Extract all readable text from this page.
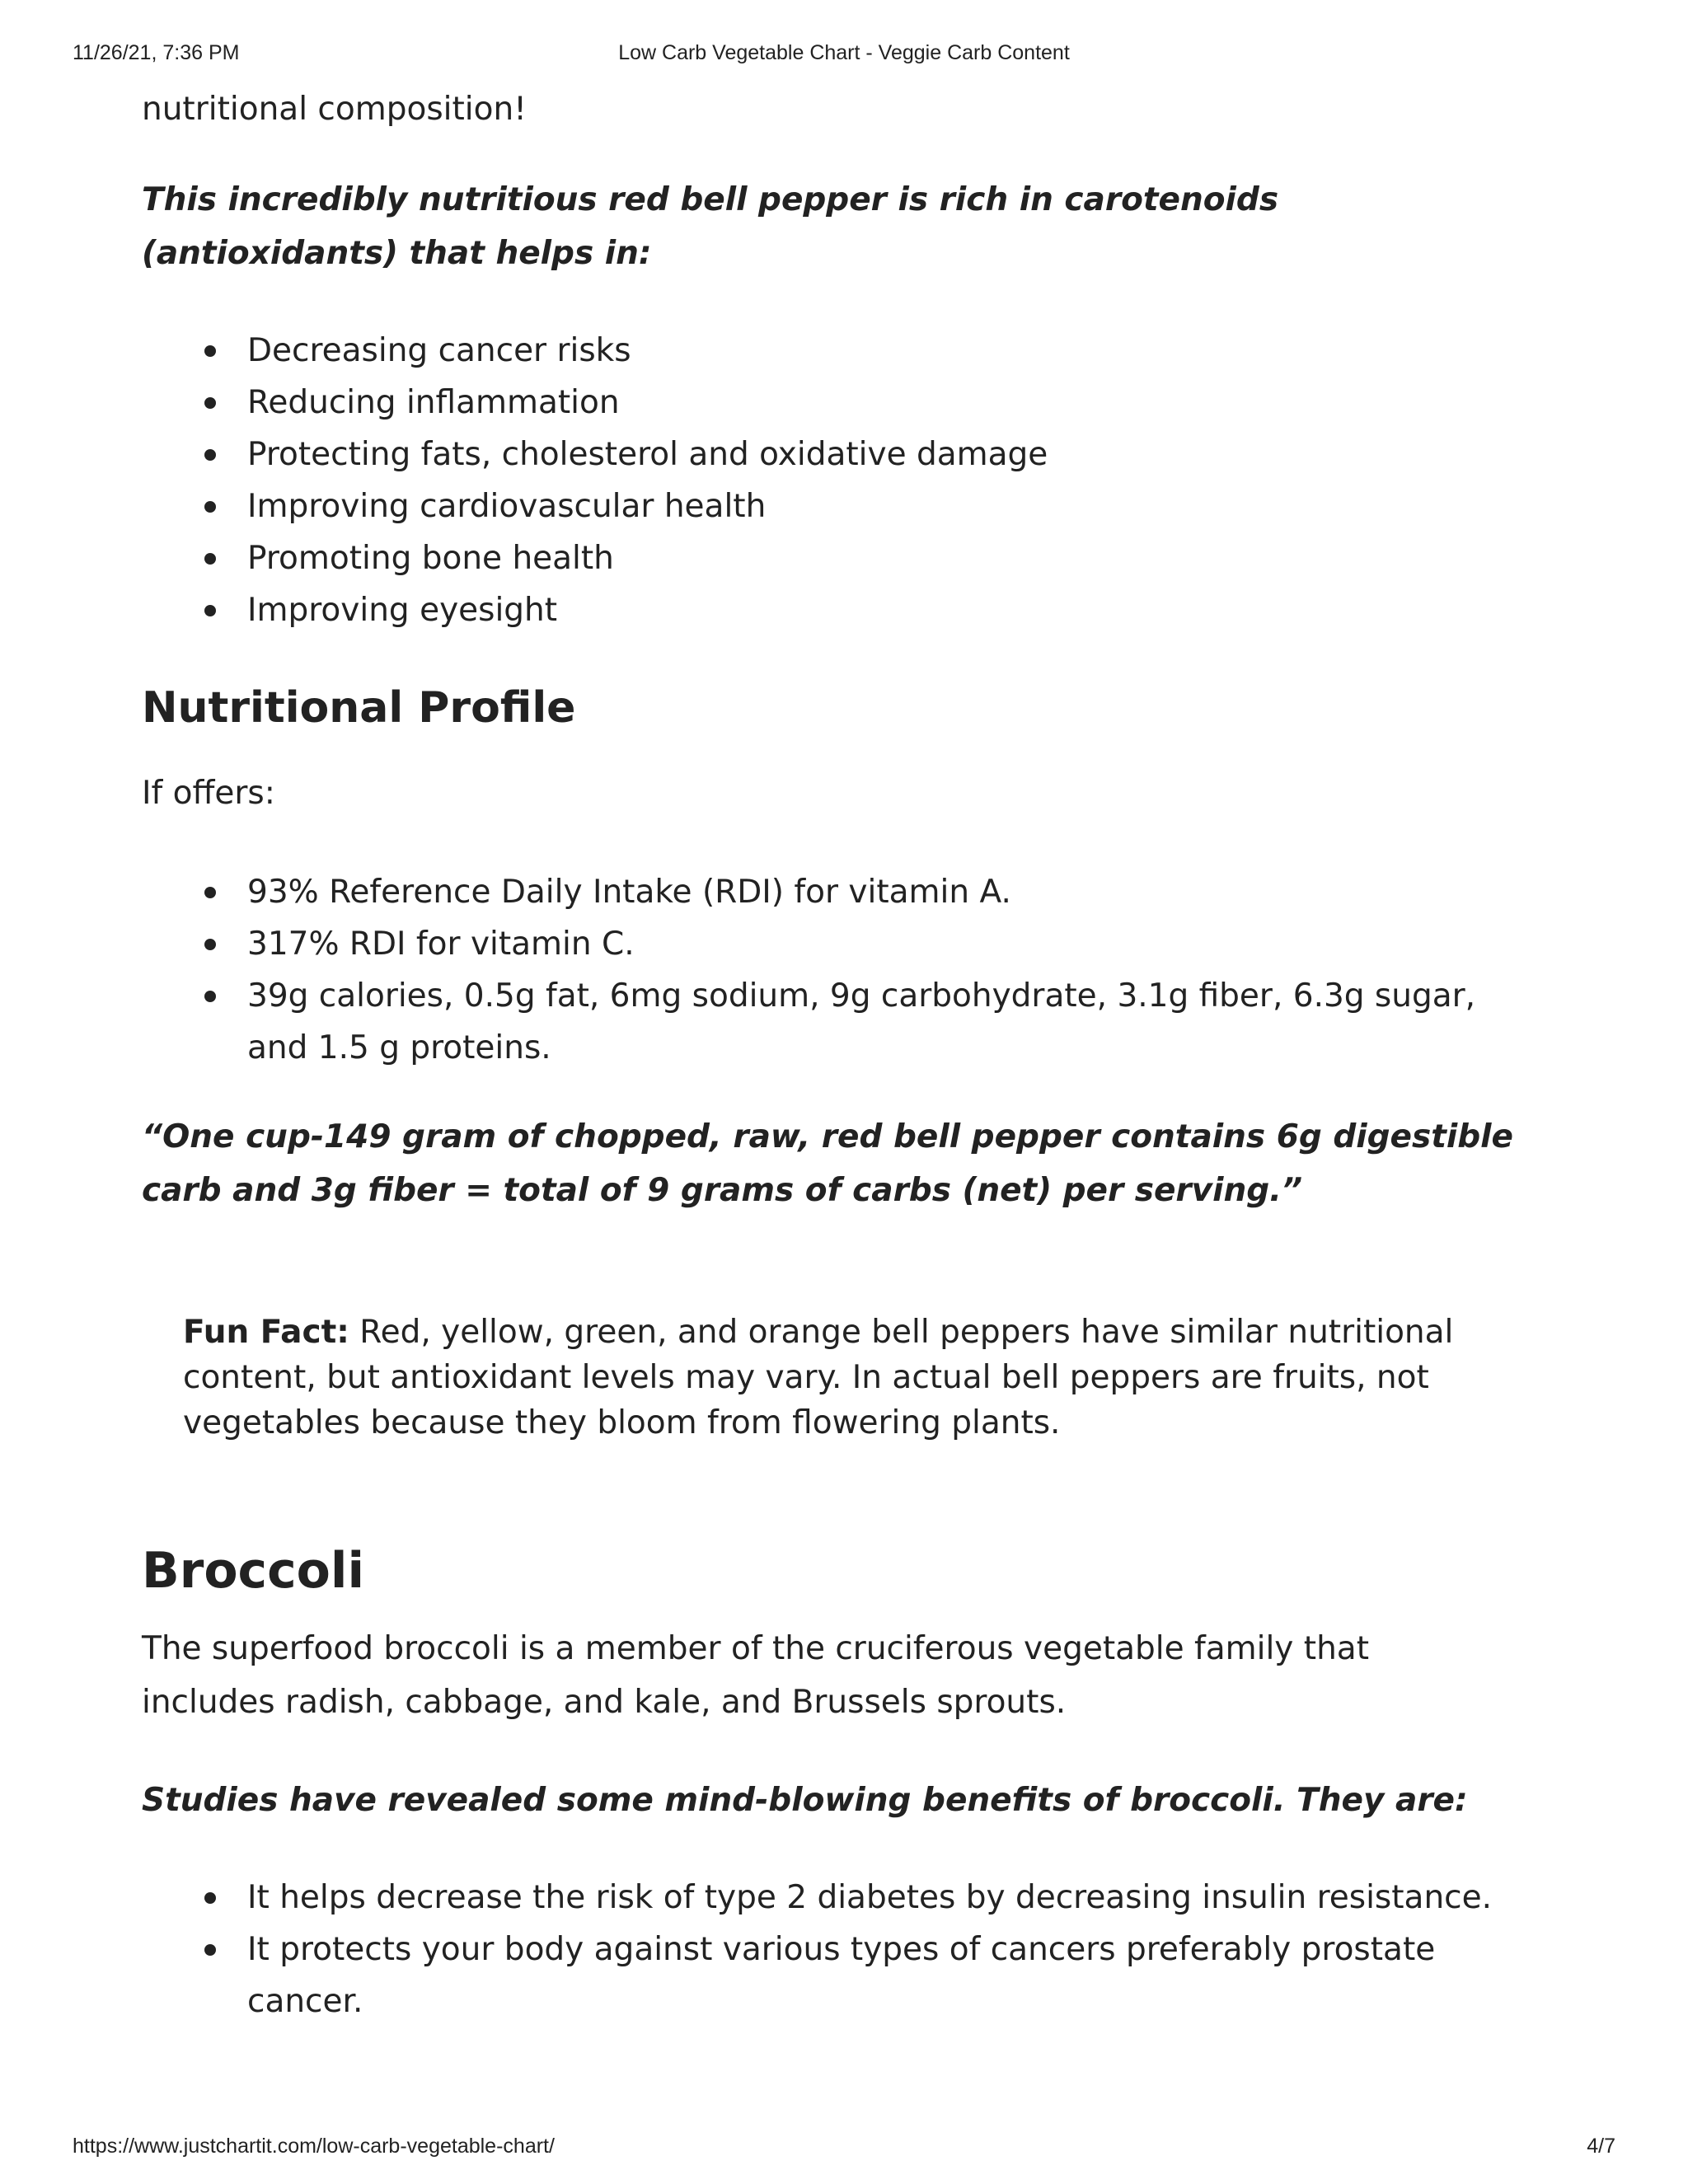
11/26/21, 7:36 PM	Low Carb Vegetable Chart - Veggie Carb Content

nutritional composition!

This incredibly nutritious red bell pepper is rich in carotenoids (antioxidants) that helps in:

Decreasing cancer risks
Reducing inflammation
Protecting fats, cholesterol and oxidative damage
Improving cardiovascular health
Promoting bone health
Improving eyesight
Nutritional Profile

If offers:

93% Reference Daily Intake (RDI) for vitamin A.
317% RDI for vitamin C.
39g calories, 0.5g fat, 6mg sodium, 9g carbohydrate, 3.1g fiber, 6.3g sugar, and 1.5 g proteins.

“One cup-149 gram of chopped, raw, red bell pepper contains 6g digestible carb and 3g fiber = total of 9 grams of carbs (net) per serving.”

Fun Fact: Red, yellow, green, and orange bell peppers have similar nutritional content, but antioxidant levels may vary. In actual bell peppers are fruits, not vegetables because they bloom from flowering plants.

Broccoli

The superfood broccoli is a member of the cruciferous vegetable family that includes radish, cabbage, and kale, and Brussels sprouts.

Studies have revealed some mind-blowing benefits of broccoli. They are:

It helps decrease the risk of type 2 diabetes by decreasing insulin resistance.
It protects your body against various types of cancers preferably prostate cancer.
https://www.justchartit.com/low-carb-vegetable-chart/	4/7
